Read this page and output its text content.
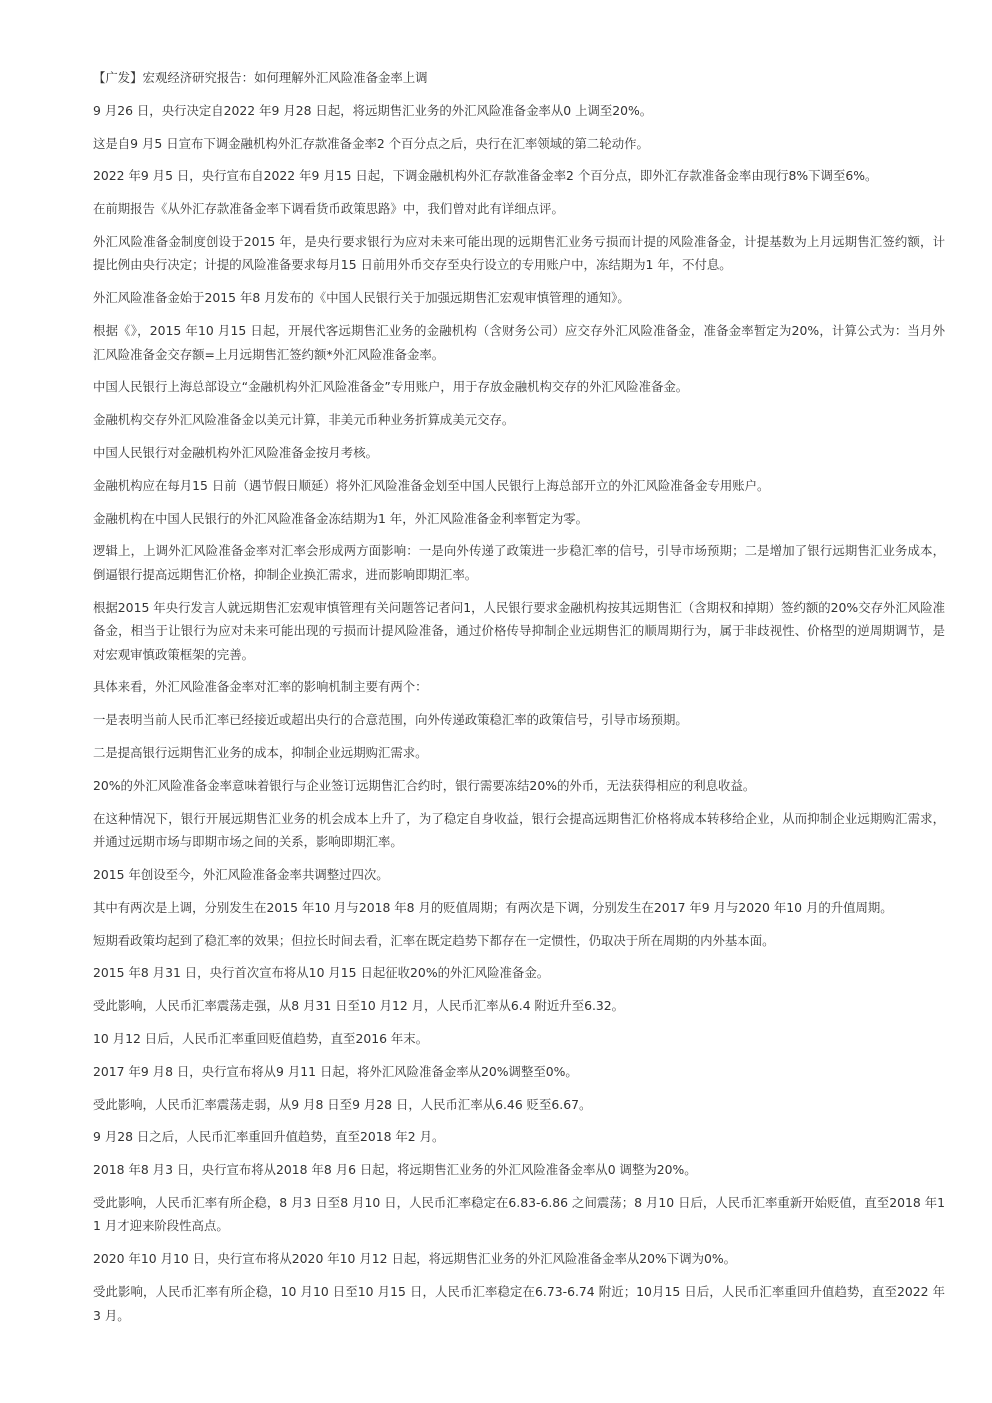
【广发】宏观经济研究报告：如何理解外汇风险准备金率上调

9 月26 日，央行决定自2022 年9 月28 日起，将远期售汇业务的外汇风险准备金率从0 上调至20%。

这是自9 月5 日宣布下调金融机构外汇存款准备金率2 个百分点之后，央行在汇率领域的第二轮动作。

2022 年9 月5 日，央行宣布自2022 年9 月15 日起，下调金融机构外汇存款准备金率2 个百分点，即外汇存款准备金率由现行8%下调至6%。

在前期报告《从外汇存款准备金率下调看货币政策思路》中，我们曾对此有详细点评。

外汇风险准备金制度创设于2015 年，是央行要求银行为应对未来可能出现的远期售汇业务亏损而计提的风险准备金，计提基数为上月远期售汇签约额，计提比例由央行决定；计提的风险准备要求每月15 日前用外币交存至央行设立的专用账户中，冻结期为1 年，不付息。

外汇风险准备金始于2015 年8 月发布的《中国人民银行关于加强远期售汇宏观审慎管理的通知》。

根据《》，2015 年10 月15 日起，开展代客远期售汇业务的金融机构（含财务公司）应交存外汇风险准备金，准备金率暂定为20%，计算公式为：当月外汇风险准备金交存额=上月远期售汇签约额*外汇风险准备金率。

中国人民银行上海总部设立“金融机构外汇风险准备金”专用账户，用于存放金融机构交存的外汇风险准备金。

金融机构交存外汇风险准备金以美元计算，非美元币种业务折算成美元交存。

中国人民银行对金融机构外汇风险准备金按月考核。

金融机构应在每月15 日前（遇节假日顺延）将外汇风险准备金划至中国人民银行上海总部开立的外汇风险准备金专用账户。

金融机构在中国人民银行的外汇风险准备金冻结期为1 年，外汇风险准备金利率暂定为零。

逻辑上，上调外汇风险准备金率对汇率会形成两方面影响：一是向外传递了政策进一步稳汇率的信号，引导市场预期；二是增加了银行远期售汇业务成本，倒逼银行提高远期售汇价格，抑制企业换汇需求，进而影响即期汇率。

根据2015 年央行发言人就远期售汇宏观审慎管理有关问题答记者问1，人民银行要求金融机构按其远期售汇（含期权和掉期）签约额的20%交存外汇风险准备金，相当于让银行为应对未来可能出现的亏损而计提风险准备，通过价格传导抑制企业远期售汇的顺周期行为，属于非歧视性、价格型的逆周期调节，是对宏观审慎政策框架的完善。

具体来看，外汇风险准备金率对汇率的影响机制主要有两个：

一是表明当前人民币汇率已经接近或超出央行的合意范围，向外传递政策稳汇率的政策信号，引导市场预期。

二是提高银行远期售汇业务的成本，抑制企业远期购汇需求。

20%的外汇风险准备金率意味着银行与企业签订远期售汇合约时，银行需要冻结20%的外币，无法获得相应的利息收益。

在这种情况下，银行开展远期售汇业务的机会成本上升了，为了稳定自身收益，银行会提高远期售汇价格将成本转移给企业，从而抑制企业远期购汇需求，并通过远期市场与即期市场之间的关系，影响即期汇率。

2015 年创设至今，外汇风险准备金率共调整过四次。

其中有两次是上调，分别发生在2015 年10 月与2018 年8 月的贬值周期；有两次是下调，分别发生在2017 年9 月与2020 年10 月的升值周期。

短期看政策均起到了稳汇率的效果；但拉长时间去看，汇率在既定趋势下都存在一定惯性，仍取决于所在周期的内外基本面。

2015 年8 月31 日，央行首次宣布将从10 月15 日起征收20%的外汇风险准备金。

受此影响，人民币汇率震荡走强，从8 月31 日至10 月12 月，人民币汇率从6.4 附近升至6.32。

10 月12 日后，人民币汇率重回贬值趋势，直至2016 年末。

2017 年9 月8 日，央行宣布将从9 月11 日起，将外汇风险准备金率从20%调整至0%。

受此影响，人民币汇率震荡走弱，从9 月8 日至9 月28 日，人民币汇率从6.46 贬至6.67。

9 月28 日之后，人民币汇率重回升值趋势，直至2018 年2 月。

2018 年8 月3 日，央行宣布将从2018 年8 月6 日起，将远期售汇业务的外汇风险准备金率从0 调整为20%。

受此影响，人民币汇率有所企稳，8 月3 日至8 月10 日，人民币汇率稳定在6.83-6.86 之间震荡；8 月10 日后，人民币汇率重新开始贬值，直至2018 年11 月才迎来阶段性高点。

2020 年10 月10 日，央行宣布将从2020 年10 月12 日起，将远期售汇业务的外汇风险准备金率从20%下调为0%。

受此影响，人民币汇率有所企稳，10 月10 日至10 月15 日，人民币汇率稳定在6.73-6.74 附近；10月15 日后，人民币汇率重回升值趋势，直至2022 年3 月。
